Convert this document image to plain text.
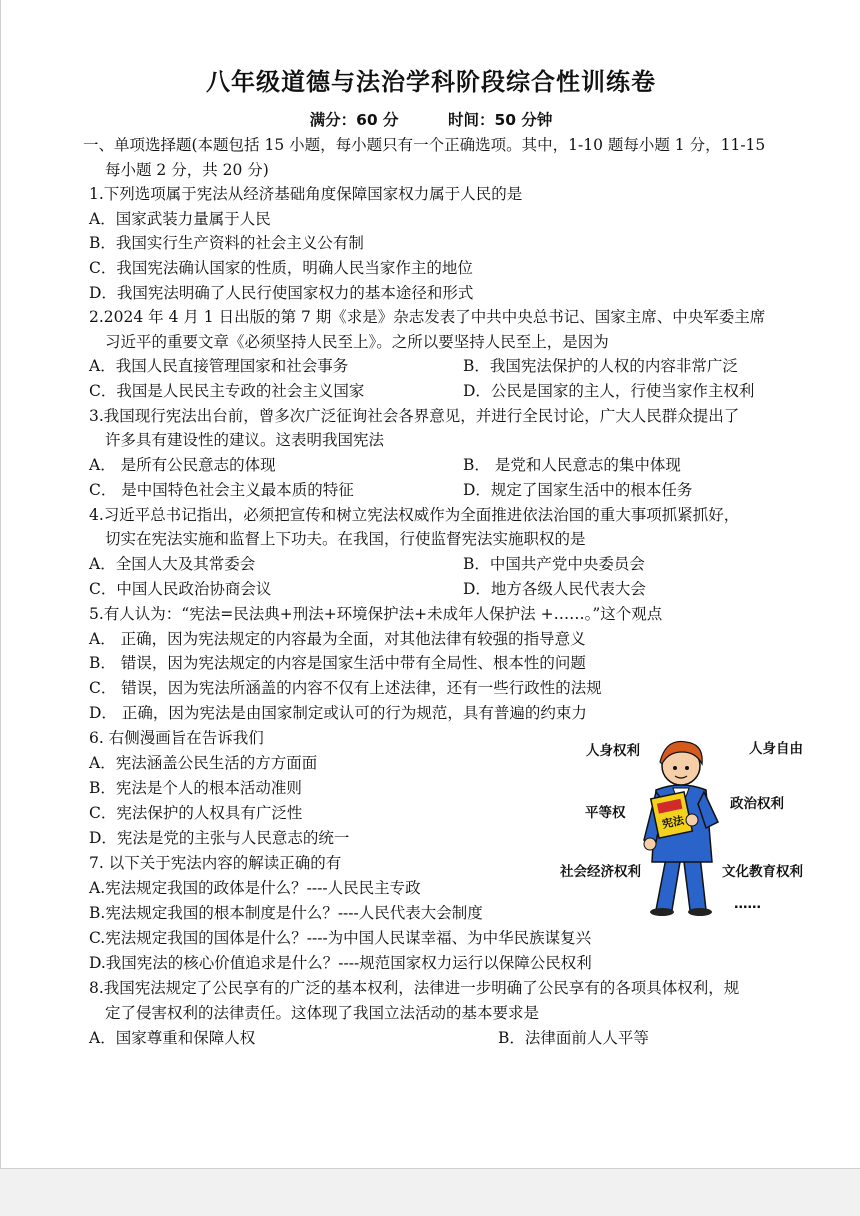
八年级道德与法治学科阶段综合性训练卷
满分：60 分	时间：50 分钟
一、单项选择题(本题包括 15 小题，每小题只有一个正确选项。其中，1-10 题每小题 1 分，11-15
每小题 2 分，共 20 分)
1.下列选项属于宪法从经济基础角度保障国家权力属于人民的是
A．国家武装力量属于人民
B．我国实行生产资料的社会主义公有制
C．我国宪法确认国家的性质，明确人民当家作主的地位
D．我国宪法明确了人民行使国家权力的基本途径和形式
2.2024 年 4 月 1 日出版的第 7 期《求是》杂志发表了中共中央总书记、国家主席、中央军委主席
习近平的重要文章《必须坚持人民至上》。之所以要坚持人民至上，是因为
A．我国人民直接管理国家和社会事务	B．我国宪法保护的人权的内容非常广泛
C．我国是人民民主专政的社会主义国家	D．公民是国家的主人，行使当家作主权利
3.我国现行宪法出台前，曾多次广泛征询社会各界意见，并进行全民讨论，广大人民群众提出了
许多具有建设性的建议。这表明我国宪法
A． 是所有公民意志的体现	B． 是党和人民意志的集中体现
C． 是中国特色社会主义最本质的特征	D．规定了国家生活中的根本任务
4.习近平总书记指出，必须把宣传和树立宪法权威作为全面推进依法治国的重大事项抓紧抓好，
切实在宪法实施和监督上下功夫。在我国，行使监督宪法实施职权的是
A．全国人大及其常委会	B．中国共产党中央委员会
C．中国人民政治协商会议	D．地方各级人民代表大会
5.有人认为：“宪法=民法典+刑法+环境保护法+未成年人保护法 +……。”这个观点
A． 正确，因为宪法规定的内容最为全面，对其他法律有较强的指导意义
B． 错误，因为宪法规定的内容是国家生活中带有全局性、根本性的问题
C． 错误，因为宪法所涵盖的内容不仅有上述法律，还有一些行政性的法规
D． 正确，因为宪法是由国家制定或认可的行为规范，具有普遍的约束力
6. 右侧漫画旨在告诉我们
A．宪法涵盖公民生活的方方面面
B．宪法是个人的根本活动准则
C．宪法保护的人权具有广泛性
D．宪法是党的主张与人民意志的统一
宪法
人身权利	人身自由
平等权
政治权利
社会经济权利	文化教育权利
……
7. 以下关于宪法内容的解读正确的有
A.宪法规定我国的政体是什么？----人民民主专政
B.宪法规定我国的根本制度是什么？----人民代表大会制度
C.宪法规定我国的国体是什么？----为中国人民谋幸福、为中华民族谋复兴
D.我国宪法的核心价值追求是什么？----规范国家权力运行以保障公民权利
8.我国宪法规定了公民享有的广泛的基本权利，法律进一步明确了公民享有的各项具体权利，规
定了侵害权利的法律责任。这体现了我国立法活动的基本要求是
A．国家尊重和保障人权	B．法律面前人人平等
